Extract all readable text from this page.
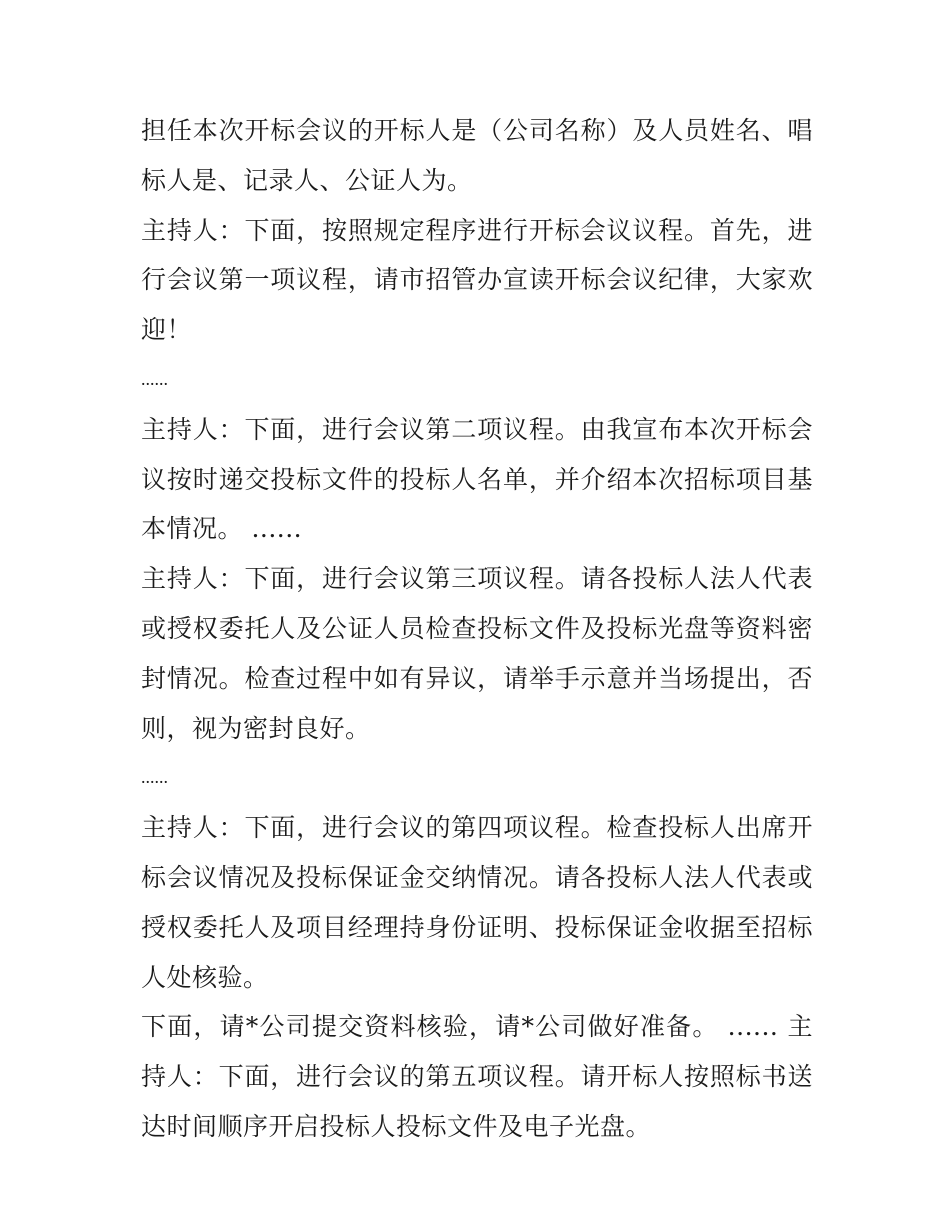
担任本次开标会议的开标人是（公司名称）及人员姓名、唱标人是、记录人、公证人为。

主持人：下面，按照规定程序进行开标会议议程。首先，进行会议第一项议程，请市招管办宣读开标会议纪律，大家欢迎！

......

主持人：下面，进行会议第二项议程。由我宣布本次开标会议按时递交投标文件的投标人名单，并介绍本次招标项目基本情况。 ......

主持人：下面，进行会议第三项议程。请各投标人法人代表或授权委托人及公证人员检查投标文件及投标光盘等资料密封情况。检查过程中如有异议，请举手示意并当场提出，否则，视为密封良好。

......

主持人：下面，进行会议的第四项议程。检查投标人出席开标会议情况及投标保证金交纳情况。请各投标人法人代表或授权委托人及项目经理持身份证明、投标保证金收据至招标人处核验。

下面，请*公司提交资料核验，请*公司做好准备。 ...... 主持人：下面，进行会议的第五项议程。请开标人按照标书送达时间顺序开启投标人投标文件及电子光盘。
